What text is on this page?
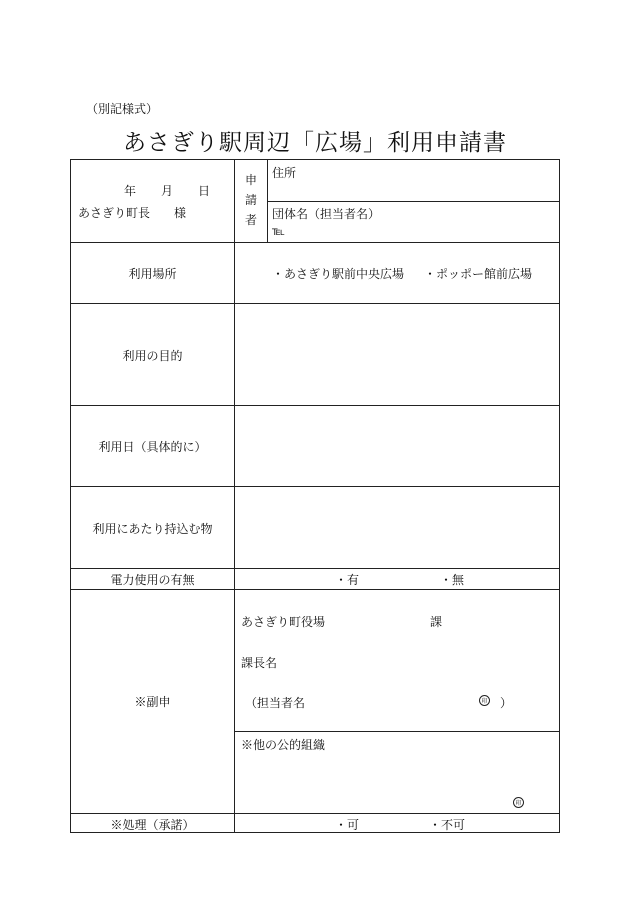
（別記様式）
あさぎり駅周辺「広場」利用申請書
年 月 日
あさぎり町長　　様
申
請
者
住所
団体名（担当者名）
℡
利用場所	・あさぎり駅前中央広場 ・ポッポー館前広場
利用の目的
利用日（具体的に）
利用にあたり持込む物
電力使用の有無	・有	・無
※副申
あさぎり町役場	課
課長名
（担当者名	印 ）
※他の公的組織
印
※処理（承諾）	・可	・不可
